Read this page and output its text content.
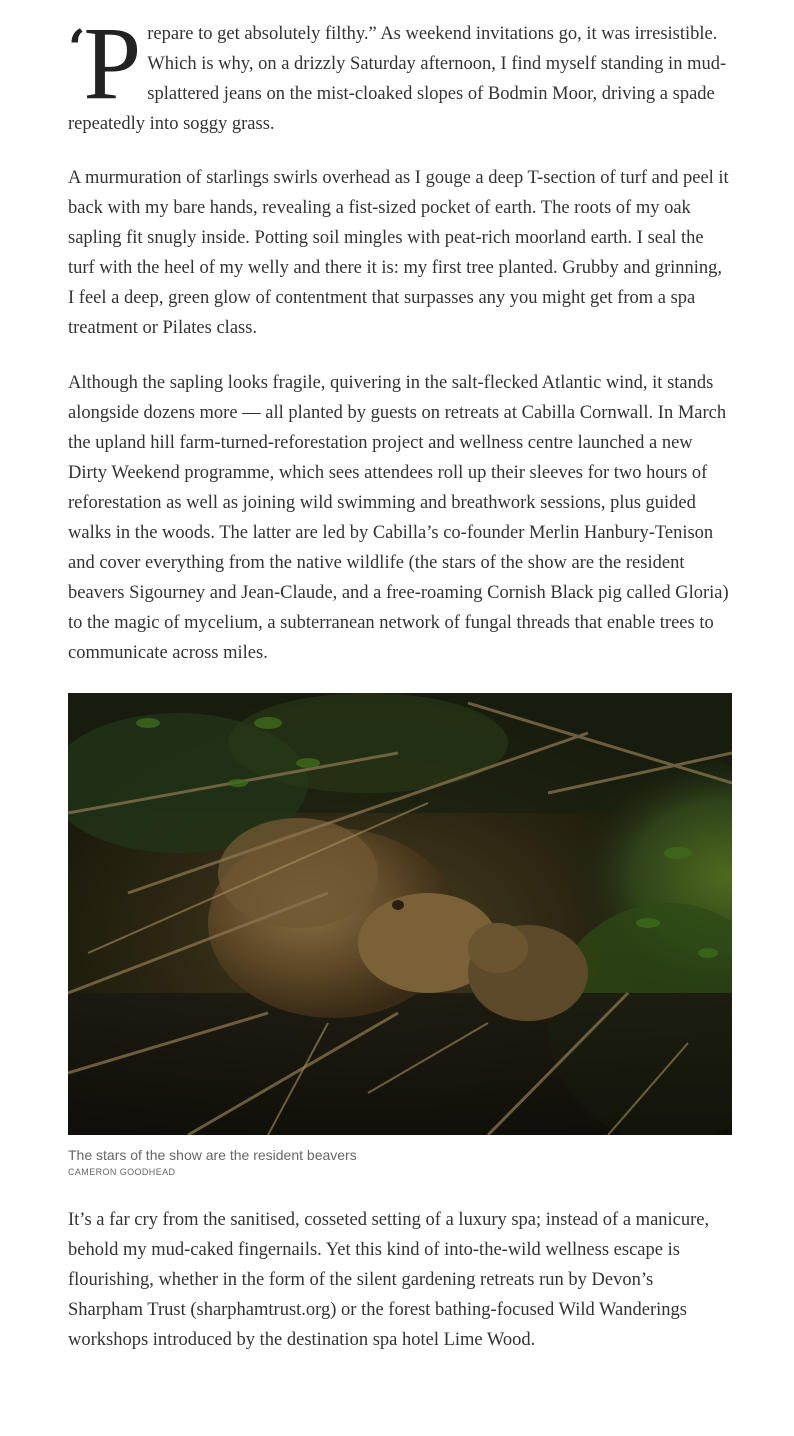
‘ P repare to get absolutely filthy.” As weekend invitations go, it was irresistible. Which is why, on a drizzly Saturday afternoon, I find myself standing in mud-splattered jeans on the mist-cloaked slopes of Bodmin Moor, driving a spade repeatedly into soggy grass.

A murmuration of starlings swirls overhead as I gouge a deep T-section of turf and peel it back with my bare hands, revealing a fist-sized pocket of earth. The roots of my oak sapling fit snugly inside. Potting soil mingles with peat-rich moorland earth. I seal the turf with the heel of my welly and there it is: my first tree planted. Grubby and grinning, I feel a deep, green glow of contentment that surpasses any you might get from a spa treatment or Pilates class.

Although the sapling looks fragile, quivering in the salt-flecked Atlantic wind, it stands alongside dozens more — all planted by guests on retreats at Cabilla Cornwall. In March the upland hill farm-turned-reforestation project and wellness centre launched a new Dirty Weekend programme, which sees attendees roll up their sleeves for two hours of reforestation as well as joining wild swimming and breathwork sessions, plus guided walks in the woods. The latter are led by Cabilla’s co-founder Merlin Hanbury-Tenison and cover everything from the native wildlife (the stars of the show are the resident beavers Sigourney and Jean-Claude, and a free-roaming Cornish Black pig called Gloria) to the magic of mycelium, a subterranean network of fungal threads that enable trees to communicate across miles.

The stars of the show are the resident beavers
CAMERON GOODHEAD

It’s a far cry from the sanitised, cosseted setting of a luxury spa; instead of a manicure, behold my mud-caked fingernails. Yet this kind of into-the-wild wellness escape is flourishing, whether in the form of the silent gardening retreats run by Devon’s Sharpham Trust (sharphamtrust.org) or the forest bathing-focused Wild Wanderings workshops introduced by the destination spa hotel Lime Wood.
